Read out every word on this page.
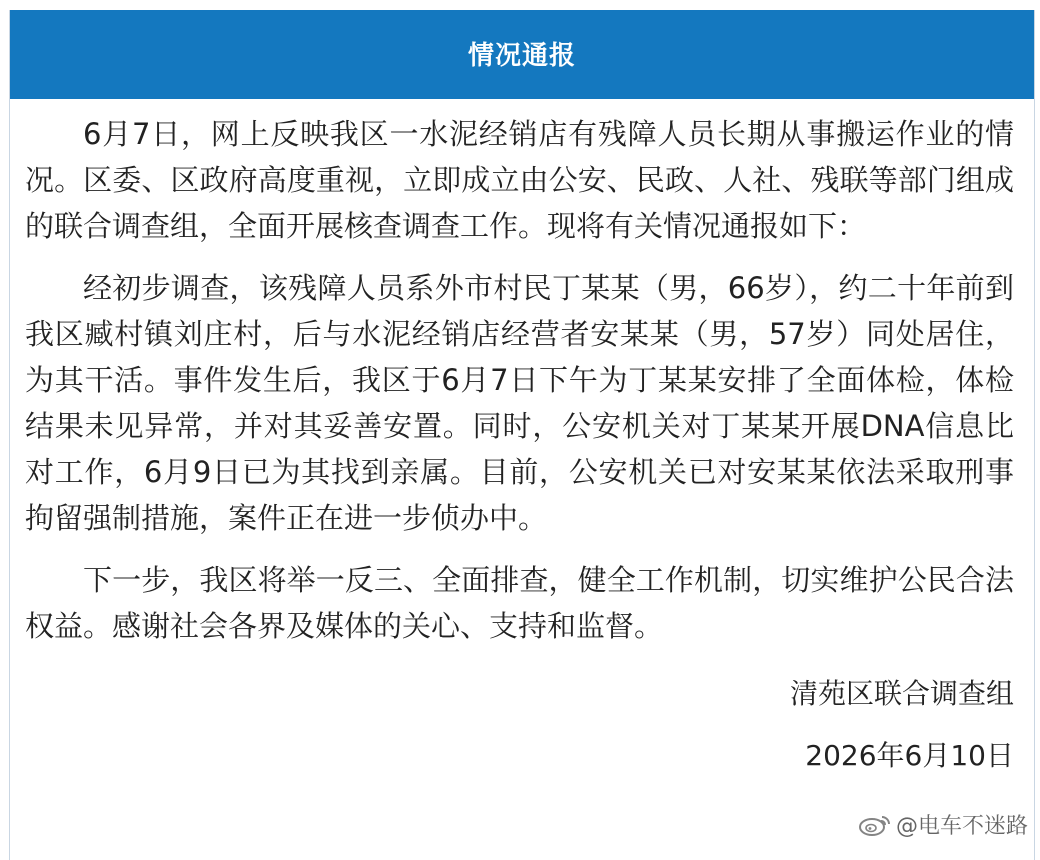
情况通报

6月7日，网上反映我区一水泥经销店有残障人员长期从事搬运作业的情况。区委、区政府高度重视，立即成立由公安、民政、人社、残联等部门组成的联合调查组，全面开展核查调查工作。现将有关情况通报如下：

经初步调查，该残障人员系外市村民丁某某（男，66岁），约二十年前到我区臧村镇刘庄村，后与水泥经销店经营者安某某（男，57岁）同处居住，为其干活。事件发生后，我区于6月7日下午为丁某某安排了全面体检，体检结果未见异常，并对其妥善安置。同时，公安机关对丁某某开展DNA信息比对工作，6月9日已为其找到亲属。目前，公安机关已对安某某依法采取刑事拘留强制措施，案件正在进一步侦办中。

下一步，我区将举一反三、全面排查，健全工作机制，切实维护公民合法权益。感谢社会各界及媒体的关心、支持和监督。

清苑区联合调查组

2026年6月10日

@电车不迷路
